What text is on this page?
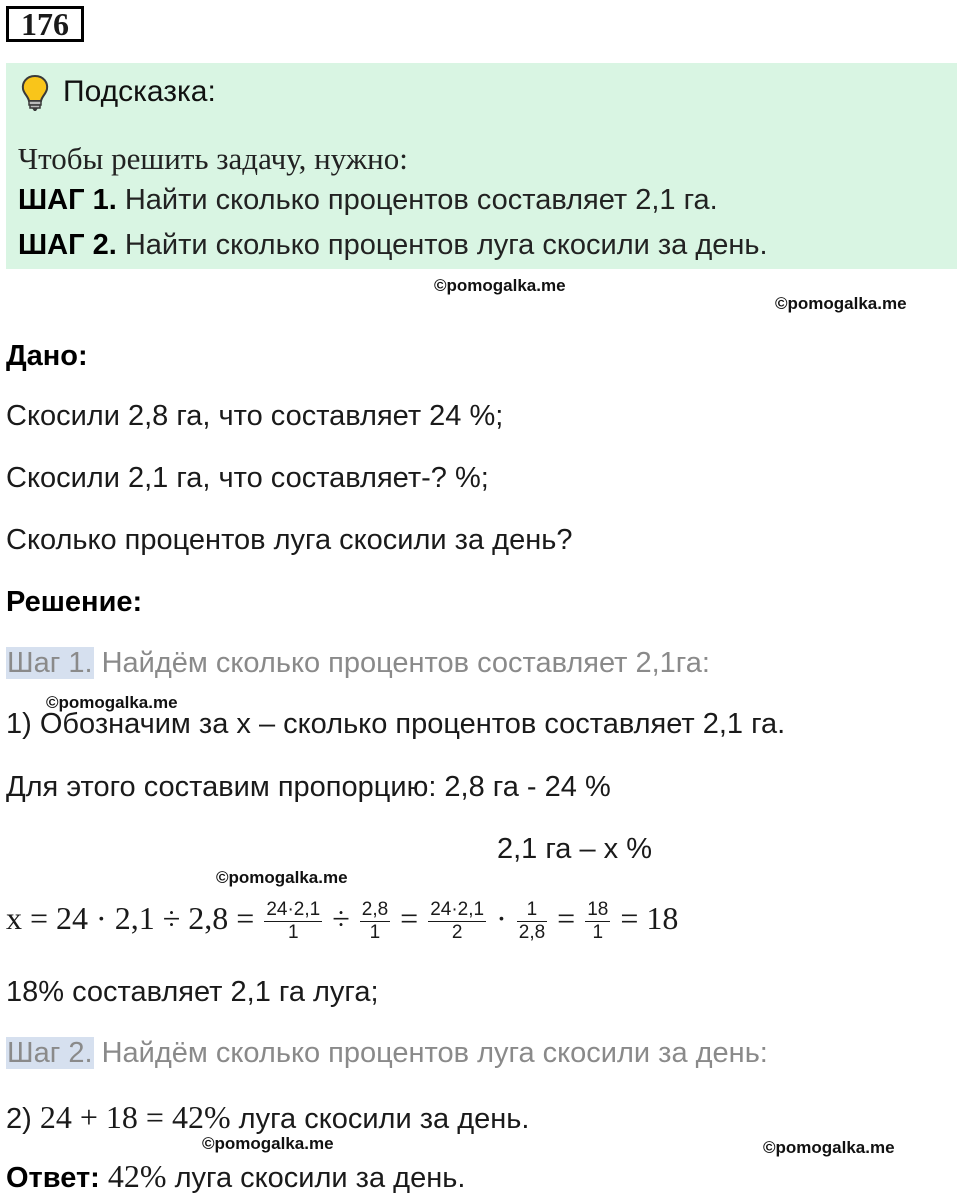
176
Подсказка:
Чтобы решить задачу, нужно:
ШАГ 1. Найти сколько процентов составляет 2,1 га.
ШАГ 2. Найти сколько процентов луга скосили за день.
©pomogalka.me
©pomogalka.me
Дано:
Скосили 2,8 га, что составляет 24 %;
Скосили 2,1 га, что составляет-? %;
Сколько процентов луга скосили за день?
Решение:
Шаг 1. Найдём сколько процентов составляет 2,1га:
©pomogalka.me
1) Обозначим за x – сколько процентов составляет 2,1 га.
Для этого составим пропорцию: 2,8 га - 24 %
2,1 га – x %
©pomogalka.me
$x = 24 \cdot 2,1 \div 2,8 = \frac{24\cdot 2,1}{1} \div \frac{2,8}{1} = \frac{24\cdot 2,1}{2} \cdot \frac{1}{2,8} = \frac{18}{1} = 18$
18% составляет 2,1 га луга;
Шаг 2. Найдём сколько процентов луга скосили за день:
2) 24 + 18 = 42% луга скосили за день.
©pomogalka.me	©pomogalka.me
Ответ: 42% луга скосили за день.
